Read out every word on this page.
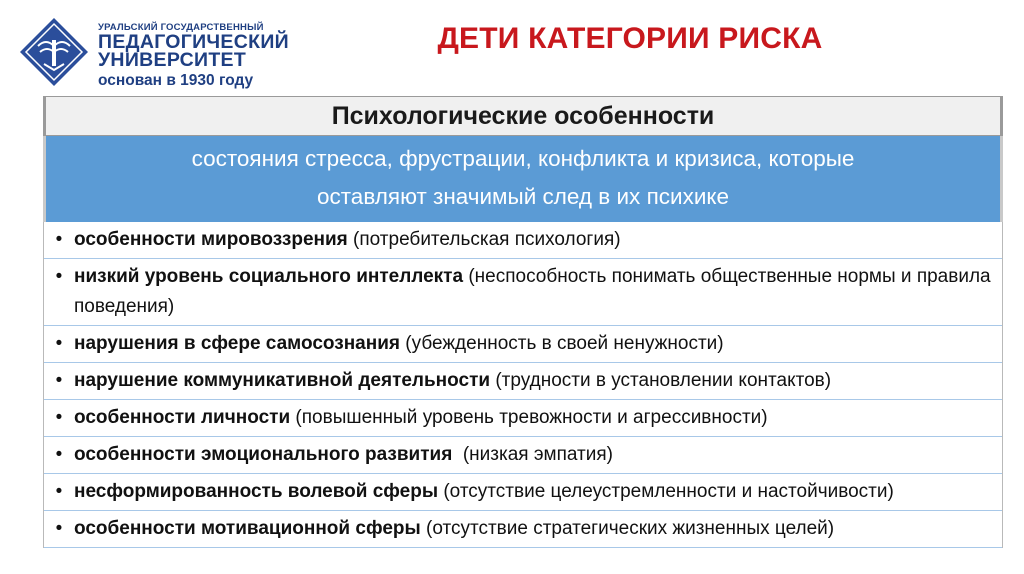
УРАЛЬСКИЙ ГОСУДАРСТВЕННЫЙ
ПЕДАГОГИЧЕСКИЙ
УНИВЕРСИТЕТ
основан в 1930 году
ДЕТИ КАТЕГОРИИ РИСКА
Психологические особенности
состояния стресса, фрустрации, конфликта и кризиса, которые
оставляют значимый след в их психике
• особенности мировоззрения (потребительская психология)
• низкий уровень социального интеллекта (неспособность понимать общественные нормы и правила поведения)
• нарушения в сфере самосознания (убежденность в своей ненужности)
• нарушение коммуникативной деятельности (трудности в установлении контактов)
• особенности личности (повышенный уровень тревожности и агрессивности)
• особенности эмоционального развития  (низкая эмпатия)
• несформированность волевой сферы (отсутствие целеустремленности и настойчивости)
• особенности мотивационной сферы (отсутствие стратегических жизненных целей)
